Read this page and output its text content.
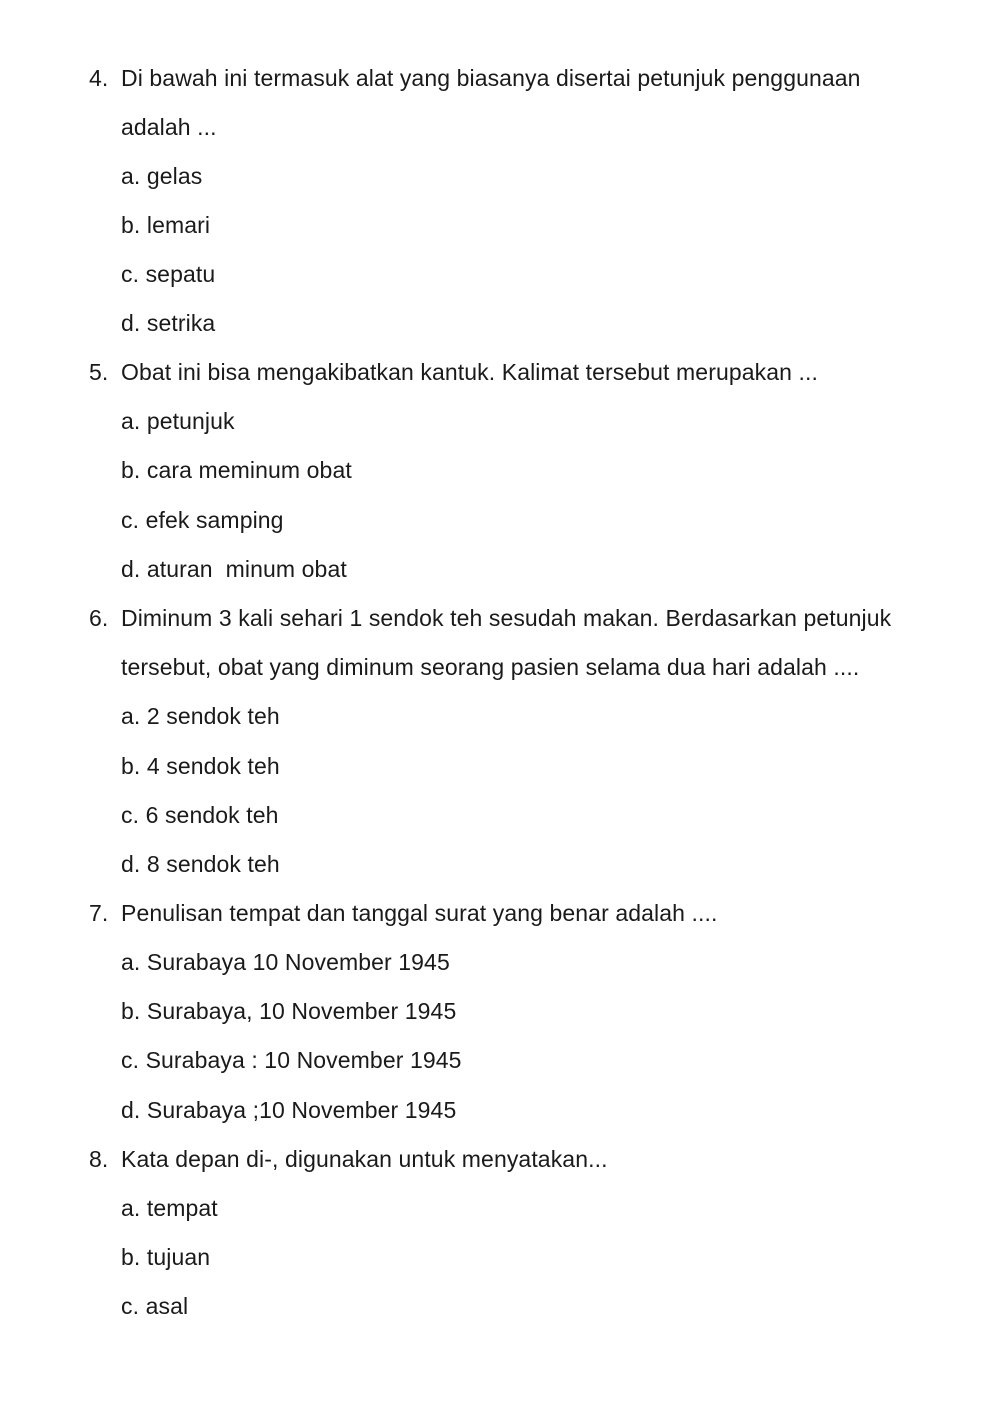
4. Di bawah ini termasuk alat yang biasanya disertai petunjuk penggunaan
adalah ...
a. gelas
b. lemari
c. sepatu
d. setrika
5. Obat ini bisa mengakibatkan kantuk. Kalimat tersebut merupakan ...
a. petunjuk
b. cara meminum obat
c. efek samping
d. aturan  minum obat
6. Diminum 3 kali sehari 1 sendok teh sesudah makan. Berdasarkan petunjuk
tersebut, obat yang diminum seorang pasien selama dua hari adalah ....
a. 2 sendok teh
b. 4 sendok teh
c. 6 sendok teh
d. 8 sendok teh
7. Penulisan tempat dan tanggal surat yang benar adalah ....
a. Surabaya 10 November 1945
b. Surabaya, 10 November 1945
c. Surabaya : 10 November 1945
d. Surabaya ;10 November 1945
8. Kata depan di-, digunakan untuk menyatakan...
a. tempat
b. tujuan
c. asal
